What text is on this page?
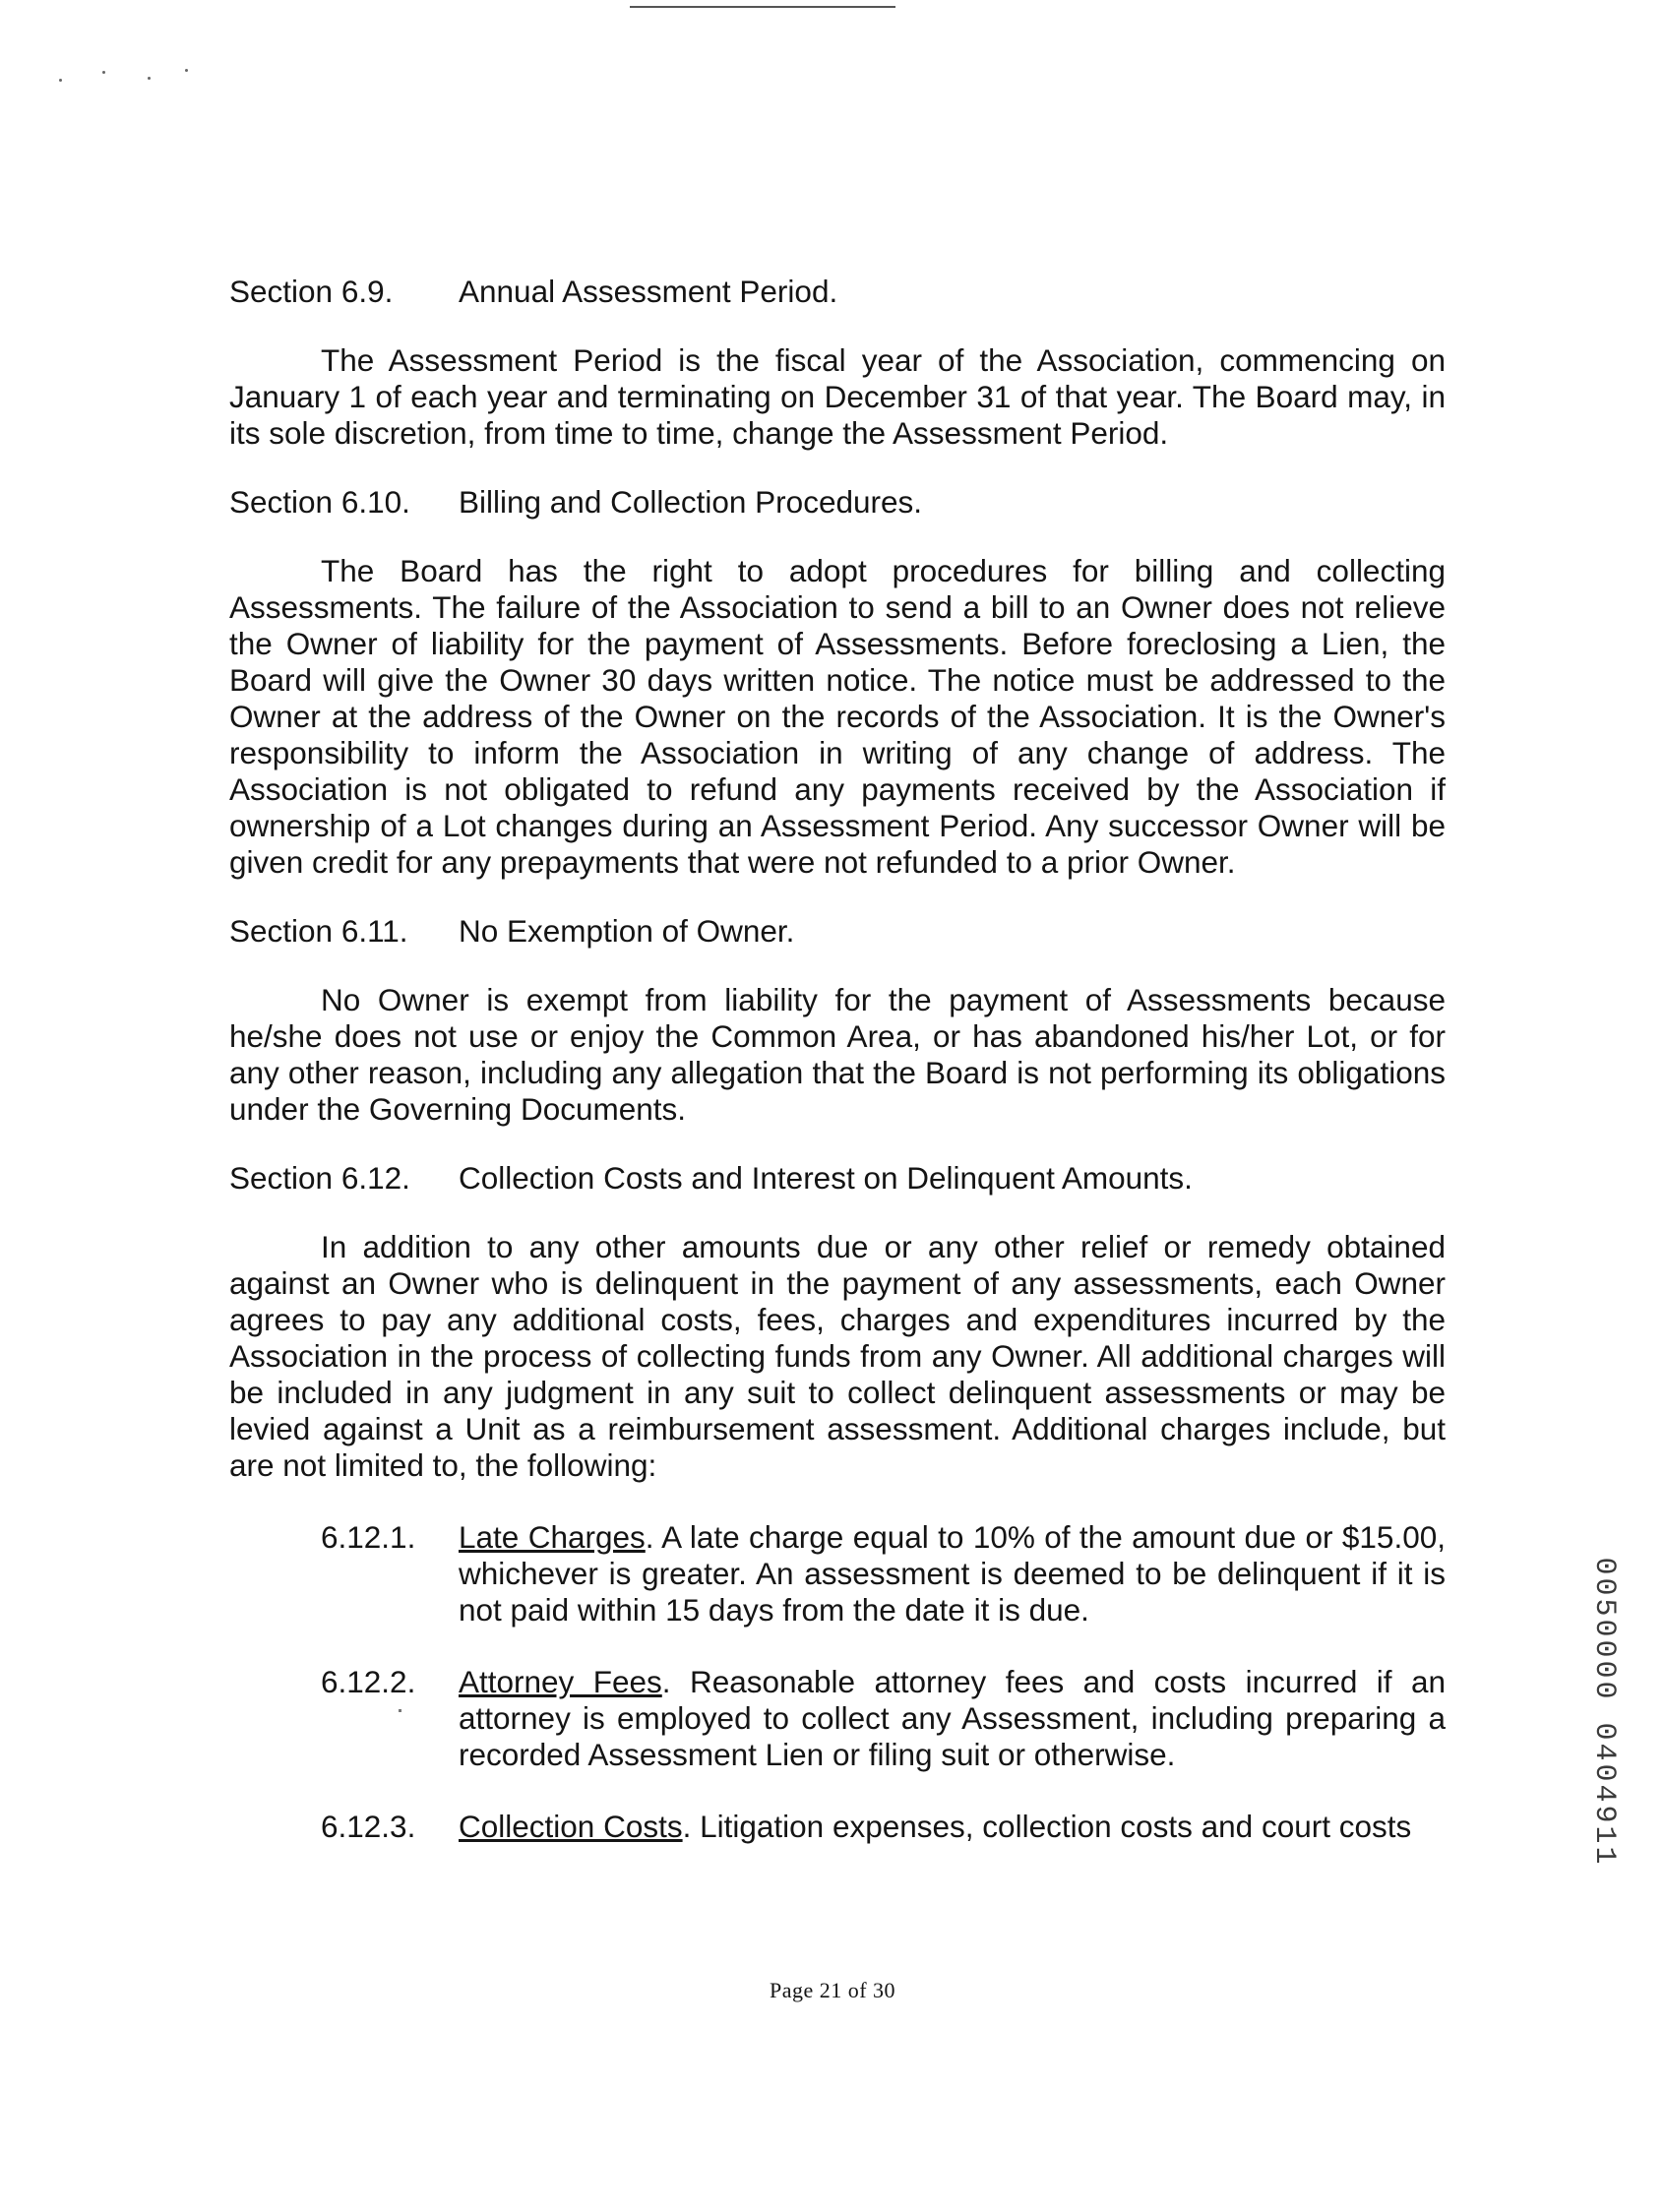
Section 6.9.	Annual Assessment Period.

The Assessment Period is the fiscal year of the Association, commencing on January 1 of each year and terminating on December 31 of that year. The Board may, in its sole discretion, from time to time, change the Assessment Period.

Section 6.10.	Billing and Collection Procedures.

The Board has the right to adopt procedures for billing and collecting Assessments. The failure of the Association to send a bill to an Owner does not relieve the Owner of liability for the payment of Assessments. Before foreclosing a Lien, the Board will give the Owner 30 days written notice. The notice must be addressed to the Owner at the address of the Owner on the records of the Association. It is the Owner's responsibility to inform the Association in writing of any change of address. The Association is not obligated to refund any payments received by the Association if ownership of a Lot changes during an Assessment Period. Any successor Owner will be given credit for any prepayments that were not refunded to a prior Owner.

Section 6.11.	No Exemption of Owner.

No Owner is exempt from liability for the payment of Assessments because he/she does not use or enjoy the Common Area, or has abandoned his/her Lot, or for any other reason, including any allegation that the Board is not performing its obligations under the Governing Documents.

Section 6.12.	Collection Costs and Interest on Delinquent Amounts.

In addition to any other amounts due or any other relief or remedy obtained against an Owner who is delinquent in the payment of any assessments, each Owner agrees to pay any additional costs, fees, charges and expenditures incurred by the Association in the process of collecting funds from any Owner. All additional charges will be included in any judgment in any suit to collect delinquent assessments or may be levied against a Unit as a reimbursement assessment. Additional charges include, but are not limited to, the following:

6.12.1.	Late Charges. A late charge equal to 10% of the amount due or $15.00, whichever is greater. An assessment is deemed to be delinquent if it is not paid within 15 days from the date it is due.
6.12.2.	Attorney Fees. Reasonable attorney fees and costs incurred if an attorney is employed to collect any Assessment, including preparing a recorded Assessment Lien or filing suit or otherwise.
6.12.3.	Collection Costs. Litigation expenses, collection costs and court costs	0050000 0404911
Page 21 of 30
